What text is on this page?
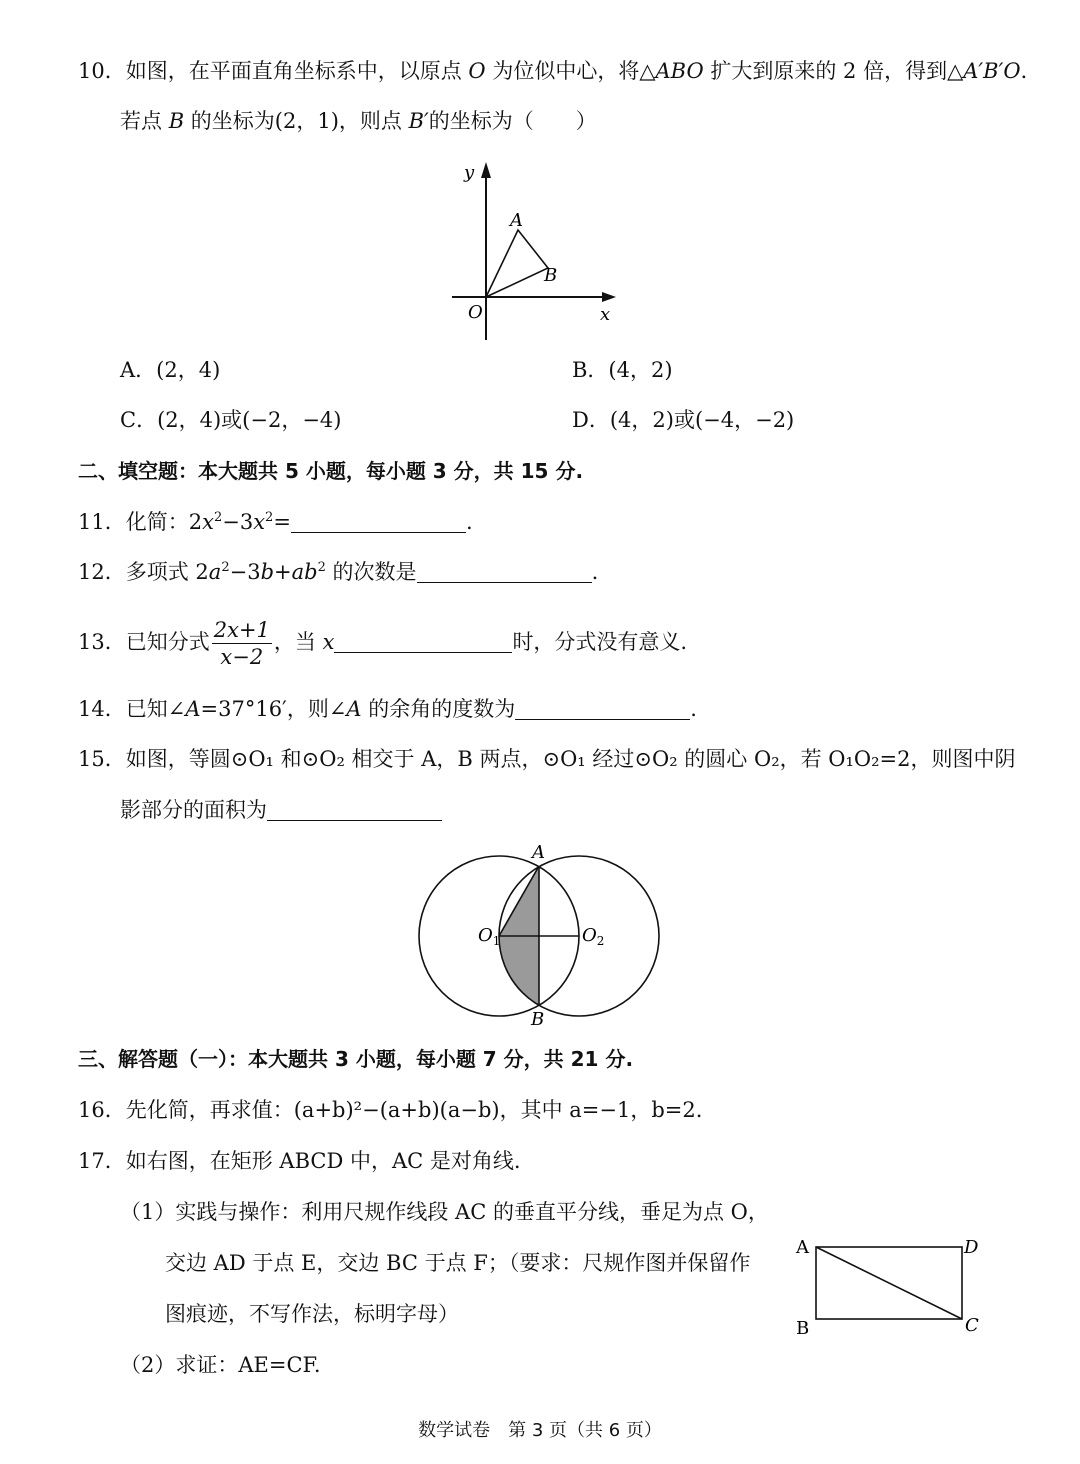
10．如图，在平面直角坐标系中，以原点 O 为位似中心，将△ABO 扩大到原来的 2 倍，得到△A′B′O．
若点 B 的坐标为(2，1)，则点 B′的坐标为（　　）
y
x
O
A
B
A．(2，4)	B．(4，2)
C．(2，4)或(−2，−4)	D．(4，2)或(−4，−2)
二、填空题：本大题共 5 小题，每小题 3 分，共 15 分.
11．化简：$2x^2-3x^2=$	.
12．多项式 $2a^2-3b+ab^2$ 的次数是	.
13．已知分式 $\frac{2x+1}{x-2}$ ，当 x	时，分式没有意义.
14．已知∠A=37°16′，则∠A 的余角的度数为	.
15．如图，等圆⊙O₁ 和⊙O₂ 相交于 A，B 两点，⊙O₁ 经过⊙O₂ 的圆心 O₂，若 O₁O₂=2，则图中阴
影部分的面积为
A
B
$O_1$	$O_2$
三、解答题（一）：本大题共 3 小题，每小题 7 分，共 21 分.
16．先化简，再求值：(a+b)²−(a+b)(a−b)，其中 a=−1，b=2.
17．如右图，在矩形 ABCD 中，AC 是对角线.
（1）实践与操作：利用尺规作线段 AC 的垂直平分线，垂足为点 O，
交边 AD 于点 E，交边 BC 于点 F；（要求：尺规作图并保留作
图痕迹，不写作法，标明字母）
（2）求证：AE=CF.
A	D
B	C
数学试卷　第 3 页（共 6 页）
